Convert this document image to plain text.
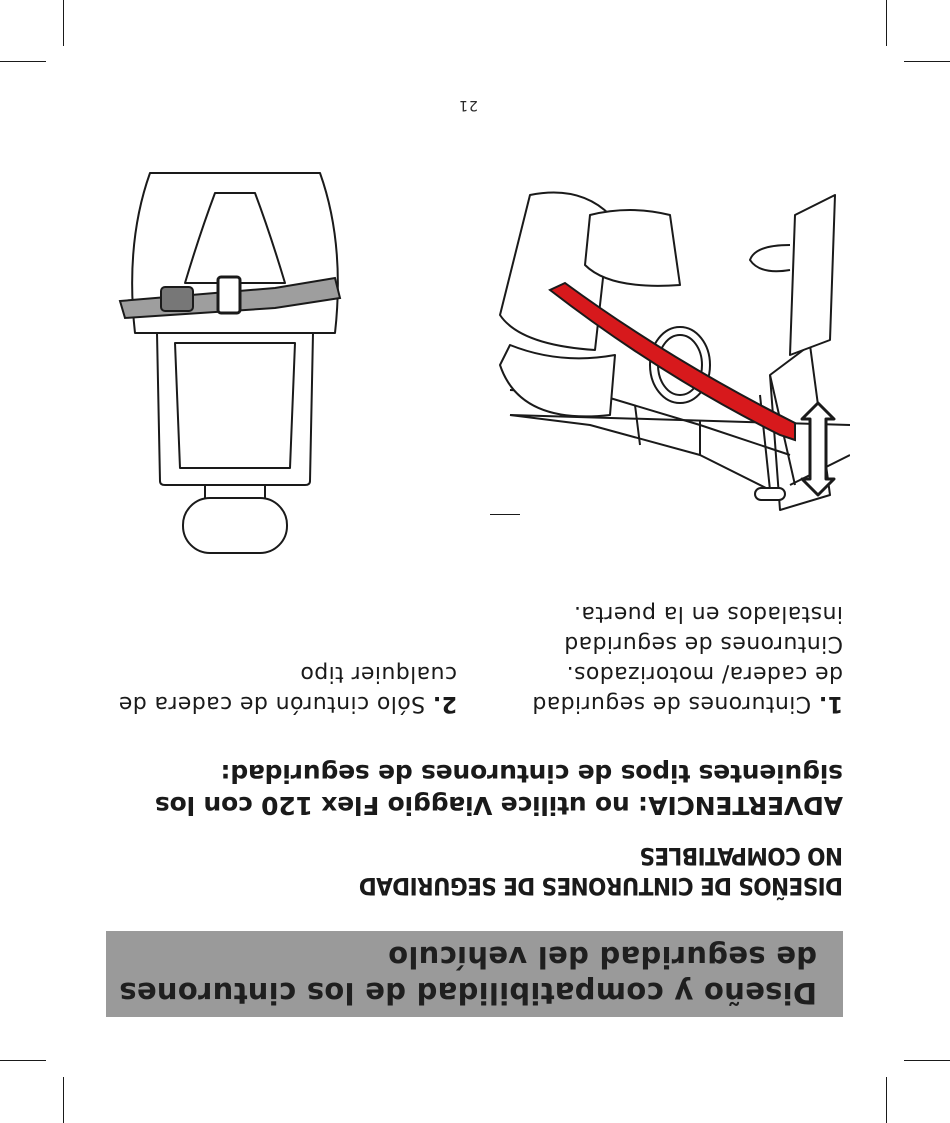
Diseño y compatibilidad de los cinturones de seguridad del vehículo
DISEÑOS DE CINTURONES DE SEGURIDAD NO COMPATIBLES
ADVERTENCIA: no utilice Viaggio Flex 120 con los siguientes tipos de cinturones de seguridad:
1. Cinturones de seguridad de cadera/ motorizados. Cinturones de seguridad instalados en la puerta.
2. Sólo cinturón de cadera de cualquier tipo
21
